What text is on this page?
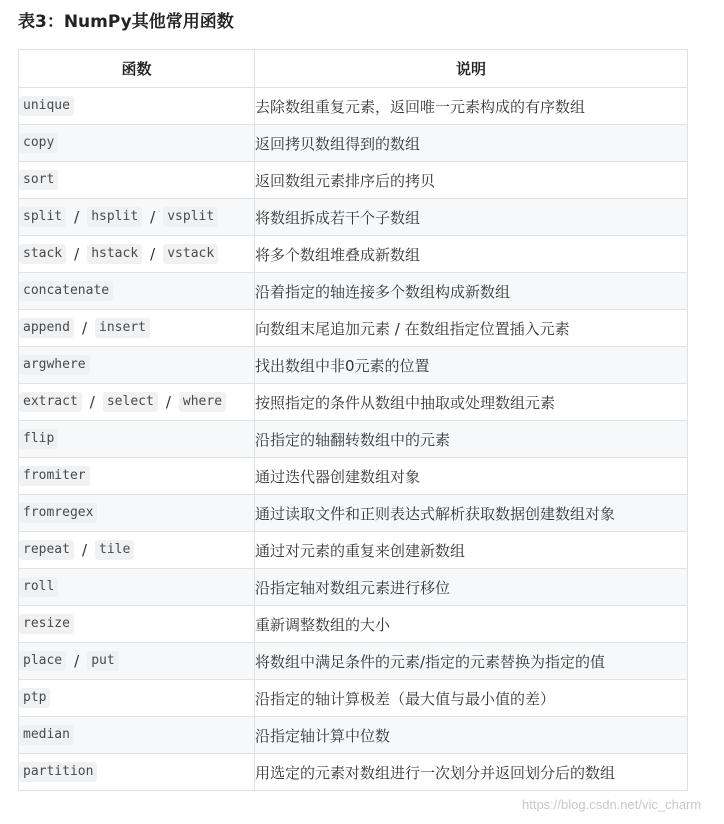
表3：NumPy其他常用函数
函数	说明
unique	去除数组重复元素，返回唯一元素构成的有序数组
copy	返回拷贝数组得到的数组
sort	返回数组元素排序后的拷贝
split / hsplit / vsplit	将数组拆成若干个子数组
stack / hstack / vstack	将多个数组堆叠成新数组
concatenate	沿着指定的轴连接多个数组构成新数组
append / insert	向数组末尾追加元素 / 在数组指定位置插入元素
argwhere	找出数组中非0元素的位置
extract / select / where	按照指定的条件从数组中抽取或处理数组元素
flip	沿指定的轴翻转数组中的元素
fromiter	通过迭代器创建数组对象
fromregex	通过读取文件和正则表达式解析获取数据创建数组对象
repeat / tile	通过对元素的重复来创建新数组
roll	沿指定轴对数组元素进行移位
resize	重新调整数组的大小
place / put	将数组中满足条件的元素/指定的元素替换为指定的值
ptp	沿指定的轴计算极差（最大值与最小值的差）
median	沿指定轴计算中位数
partition	用选定的元素对数组进行一次划分并返回划分后的数组
https://blog.csdn.net/vic_charm
